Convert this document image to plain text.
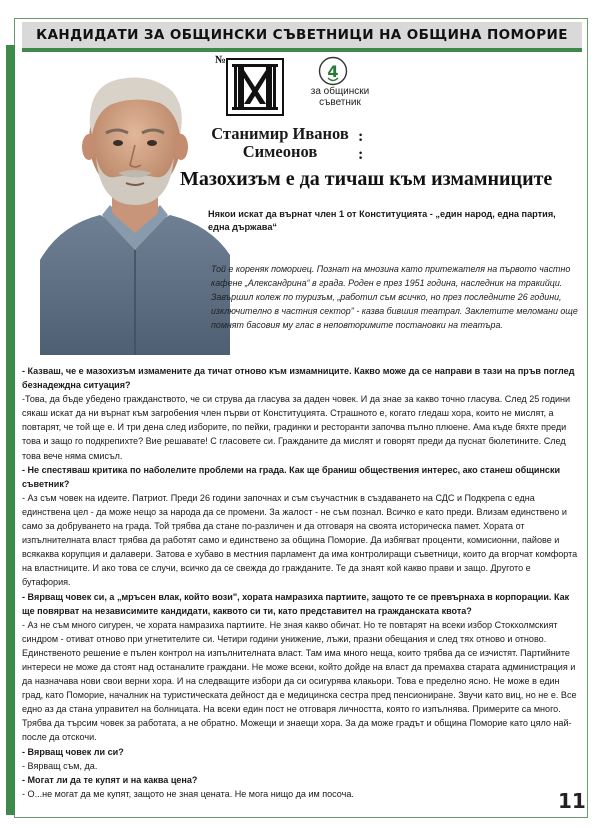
КАНДИДАТИ ЗА ОБЩИНСКИ СЪВЕТНИЦИ НА ОБЩИНА ПОМОРИЕ
№
4
за общински
съветник
Станимир Иванов
Симеонов
:
:
Мазохизъм е да тичаш към измамниците
Някои искат да върнат член 1 от Конституцията - „един народ, една партия, една държава“
Той е кореняк помориец. Познат на мнозина като притежателя на първото частно кафене „Александрина“ в града. Роден е през 1951 година, наследник на тракийци. Завършил колеж по туризъм, „работил съм всичко, но през последните 26 години, изключително в частния сектор" - казва бившия театрал. Заклетите меломани още помнят басовия му глас в неповторимите постановки на театъра.

- Казваш, че е мазохизъм измамените да тичат отново към измамниците. Какво може да се направи в тази на пръв поглед безнадеждна ситуация?

-Това, да бъде убедено гражданството, че си струва да гласува за даден човек. И да знае за какво точно гласува. След 25 години сякаш искат да ни върнат към загробения член първи от Конституцията. Страшното е, когато гледаш хора, които не мислят, а повтарят, че той ще е. И три дена след изборите, по пейки, градинки и ресторанти започва пълно плюене. Ама къде бяхте преди това и защо го подкрепихте? Вие решавате! С гласовете си. Гражданите да мислят и говорят преди да пуснат бюлетините. След това вече няма смисъл.

- Не спестяваш критика по наболелите проблеми на града. Как ще браниш обществения интерес, ако станеш общински съветник?

- Аз съм човек на идеите. Патриот. Преди 26 години започнах и съм съучастник в създаването на СДС и Подкрепа с една единствена цел - да може нещо за народа да се промени. За жалост - не съм познал. Всичко е като преди. Влизам единствено и само за добруването на града. Той трябва да стане по-различен и да отговаря на своята историческа памет. Хората от изпълнителната власт трябва да работят само и единствено за община Поморие. Да избягват проценти, комисионни, пайове и всякаква корупция и далавери. Затова е хубаво в местния парламент да има контролиращи съветници, които да вгорчат комфорта на властниците. И ако това се случи, всичко да се свежда до гражданите. Те да знаят кой какво прави и защо. Другото е бутафория.

- Вярващ човек си, а „мръсен влак, който вози", хората намразиха партиите, защото те се превърнаха в корпорации. Как ще повярват на независимите кандидати, каквото си ти, като представител на гражданската квота?

- Аз не съм много сигурен, че хората намразиха партиите. Не зная какво обичат. Но те повтарят на всеки избор Стокхолмският синдром - отиват отново при угнетителите си. Четири години унижение, лъжи, празни обещания и след тях отново и отново. Единственото решение е пълен контрол на изпълнителната власт. Там има много неща, които трябва да се изчистят. Партийните интереси не може да стоят над останалите граждани. Не може всеки, който дойде на власт да премахва старата администрация и да назначава нови свои верни хора. И на следващите избори да си осигурява клакьори. Това е пределно ясно. Не може в един град, като Поморие, началник на туристическата дейност да е медицинска сестра пред пенсиониране. Звучи като виц, но не е. Все едно аз да стана управител на болницата. На всеки един пост не отговаря личността, която го изпълнява. Примерите са много. Трябва да търсим човек за работата, а не обратно. Можещи и знаещи хора. За да може градът и община Поморие като цяло най-после да отскочи.

- Вярващ човек ли си?

- Вярващ съм, да.

- Могат ли да те купят и на каква цена?

- О...не могат да ме купят, защото не зная цената. Не мога нищо да им посоча.	11
